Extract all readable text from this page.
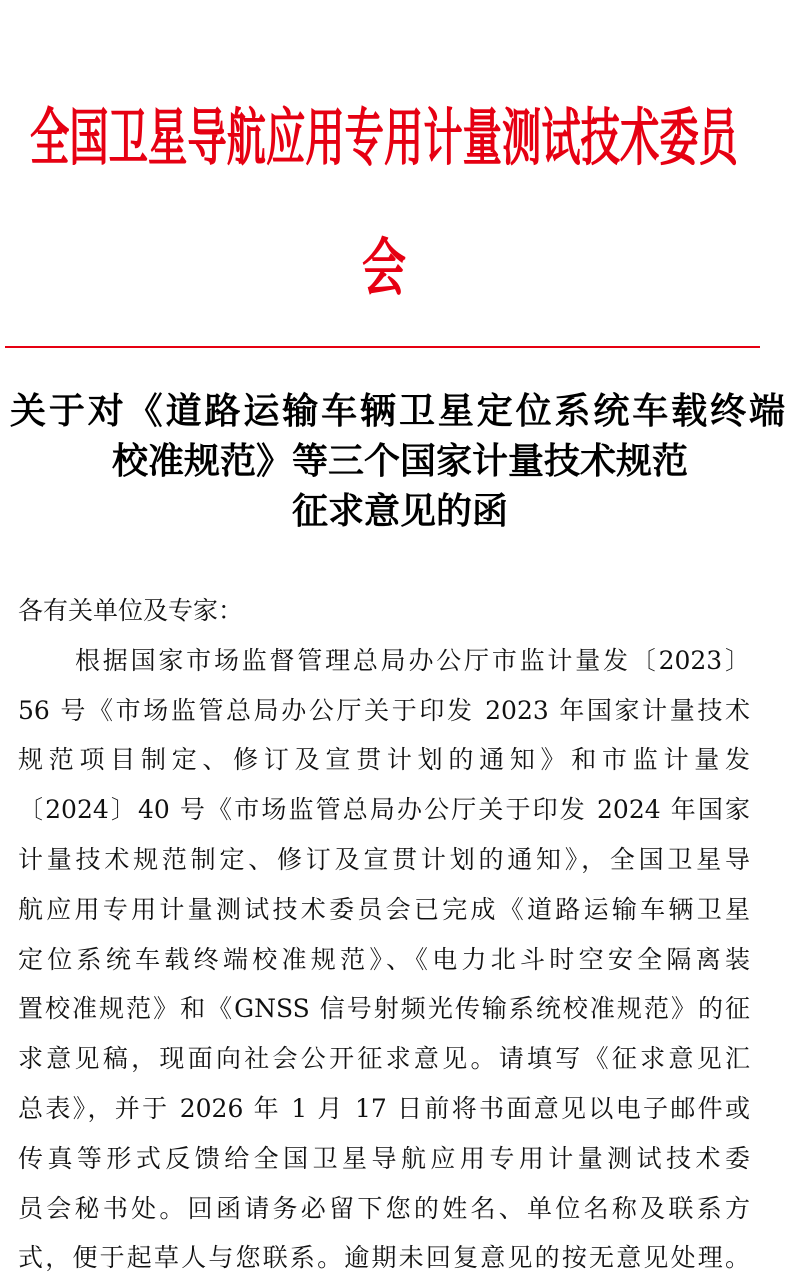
全国卫星导航应用专用计量测试技术委员
会
关于对《道路运输车辆卫星定位系统车载终端
校准规范》等三个国家计量技术规范
征求意见的函
各有关单位及专家：
根据国家市场监督管理总局办公厅市监计量发〔2023〕
56 号《市场监管总局办公厅关于印发 2023 年国家计量技术
规范项目制定、修订及宣贯计划的通知》和市监计量发
〔2024〕40 号《市场监管总局办公厅关于印发 2024 年国家
计量技术规范制定、修订及宣贯计划的通知》，全国卫星导
航应用专用计量测试技术委员会已完成《道路运输车辆卫星
定位系统车载终端校准规范》、《电力北斗时空安全隔离装
置校准规范》和《GNSS 信号射频光传输系统校准规范》的征
求意见稿，现面向社会公开征求意见。请填写《征求意见汇
总表》，并于 2026 年 1 月 17 日前将书面意见以电子邮件或
传真等形式反馈给全国卫星导航应用专用计量测试技术委
员会秘书处。回函请务必留下您的姓名、单位名称及联系方
式，便于起草人与您联系。逾期未回复意见的按无意见处理。
